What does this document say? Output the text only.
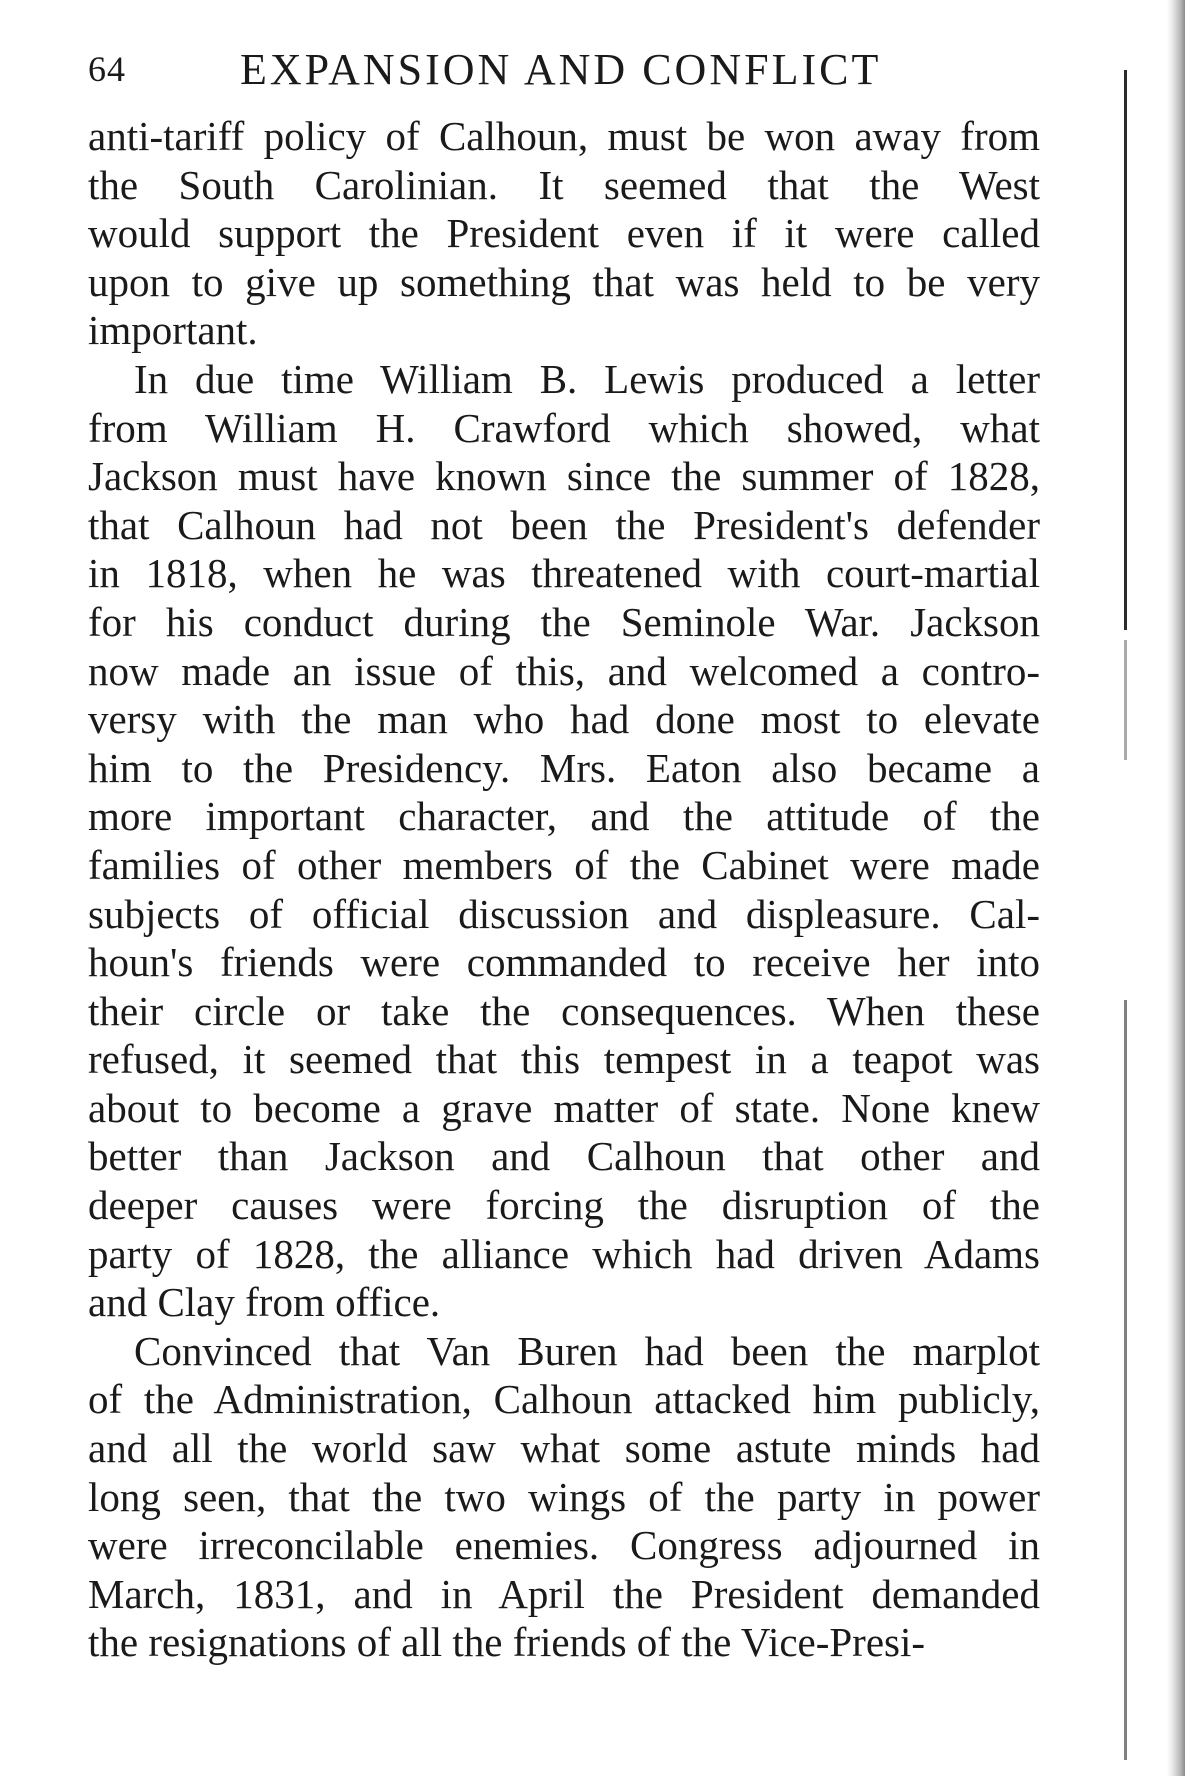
64	EXPANSION AND CONFLICT
anti-tariff policy of Calhoun, must be won away from
the South Carolinian. It seemed that the West
would support the President even if it were called
upon to give up something that was held to be very
important.
In due time William B. Lewis produced a letter
from William H. Crawford which showed, what
Jackson must have known since the summer of 1828,
that Calhoun had not been the President's defender
in 1818, when he was threatened with court-martial
for his conduct during the Seminole War. Jackson
now made an issue of this, and welcomed a contro-
versy with the man who had done most to elevate
him to the Presidency. Mrs. Eaton also became a
more important character, and the attitude of the
families of other members of the Cabinet were made
subjects of official discussion and displeasure. Cal-
houn's friends were commanded to receive her into
their circle or take the consequences. When these
refused, it seemed that this tempest in a teapot was
about to become a grave matter of state. None knew
better than Jackson and Calhoun that other and
deeper causes were forcing the disruption of the
party of 1828, the alliance which had driven Adams
and Clay from office.
Convinced that Van Buren had been the marplot
of the Administration, Calhoun attacked him publicly,
and all the world saw what some astute minds had
long seen, that the two wings of the party in power
were irreconcilable enemies. Congress adjourned in
March, 1831, and in April the President demanded
the resignations of all the friends of the Vice-Presi-
